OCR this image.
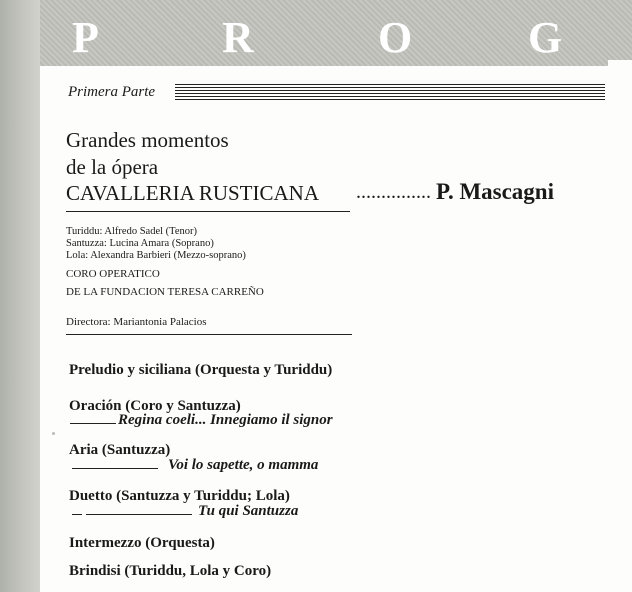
P	R	O	G
Primera Parte
Grandes momentos
de la ópera
CAVALLERIA RUSTICANA ............... P. Mascagni
Turiddu: Alfredo Sadel (Tenor)
Santuzza: Lucina Amara (Soprano)
Lola: Alexandra Barbieri (Mezzo-soprano)
CORO OPERATICO
DE LA FUNDACION TERESA CARREÑO
Directora: Mariantonia Palacios
Preludio y siciliana (Orquesta y Turiddu)
Oración (Coro y Santuzza)
Regina coeli... Innegiamo il signor
Aria (Santuzza)
Voi lo sapette, o mamma
Duetto (Santuzza y Turiddu; Lola)
Tu qui Santuzza
Intermezzo (Orquesta)
Brindisi (Turiddu, Lola y Coro)
